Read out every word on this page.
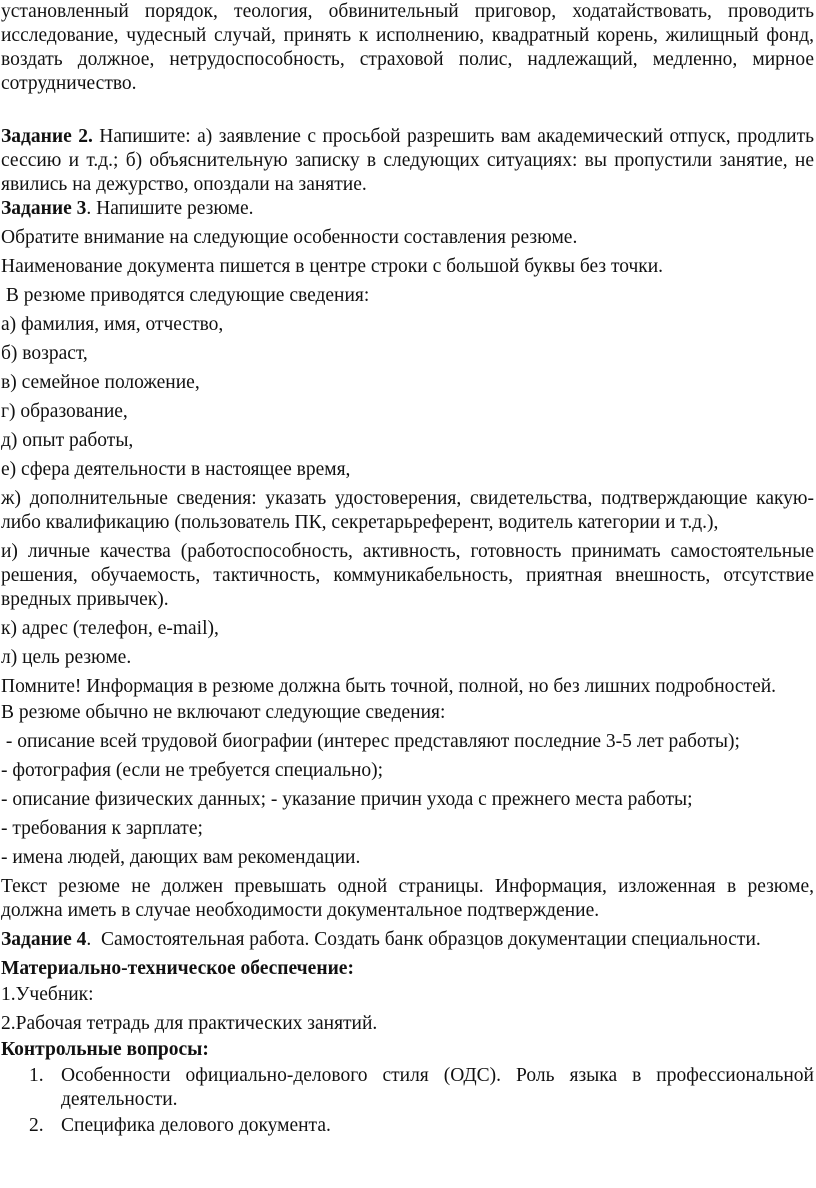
установленный порядок, теология, обвинительный приговор, ходатайствовать, проводить исследование, чудесный случай, принять к исполнению, квадратный корень, жилищный фонд, воздать должное, нетрудоспособность, страховой полис, надлежащий, медленно, мирное сотрудничество.

Задание 2. Напишите: а) заявление с просьбой разрешить вам академический отпуск, продлить сессию и т.д.; б) объяснительную записку в следующих ситуациях: вы пропустили занятие, не явились на дежурство, опоздали на занятие.

Задание 3. Напишите резюме.

Обратите внимание на следующие особенности составления резюме.

Наименование документа пишется в центре строки с большой буквы без точки.

В резюме приводятся следующие сведения:

а) фамилия, имя, отчество,

б) возраст,

в) семейное положение,

г) образование,

д) опыт работы,

е) сфера деятельности в настоящее время,

ж) дополнительные сведения: указать удостоверения, свидетельства, подтверждающие какую-либо квалификацию (пользователь ПК, секретарьреферент, водитель категории и т.д.),

и) личные качества (работоспособность, активность, готовность принимать самостоятельные решения, обучаемость, тактичность, коммуникабельность, приятная внешность, отсутствие вредных привычек).

к) адрес (телефон, e-mail),

л) цель резюме.

Помните! Информация в резюме должна быть точной, полной, но без лишних подробностей.

В резюме обычно не включают следующие сведения:

- описание всей трудовой биографии (интерес представляют последние 3-5 лет работы);

- фотография (если не требуется специально);

- описание физических данных; - указание причин ухода с прежнего места работы;

- требования к зарплате;

- имена людей, дающих вам рекомендации.

Текст резюме не должен превышать одной страницы. Информация, изложенная в резюме, должна иметь в случае необходимости документальное подтверждение.

Задание 4.  Самостоятельная работа. Создать банк образцов документации специальности.

Материально-техническое обеспечение:

1.Учебник:

2.Рабочая тетрадь для практических занятий.

Контрольные вопросы:

1. Особенности официально-делового стиля (ОДС). Роль языка в профессиональной деятельности.
2. Специфика делового документа.
